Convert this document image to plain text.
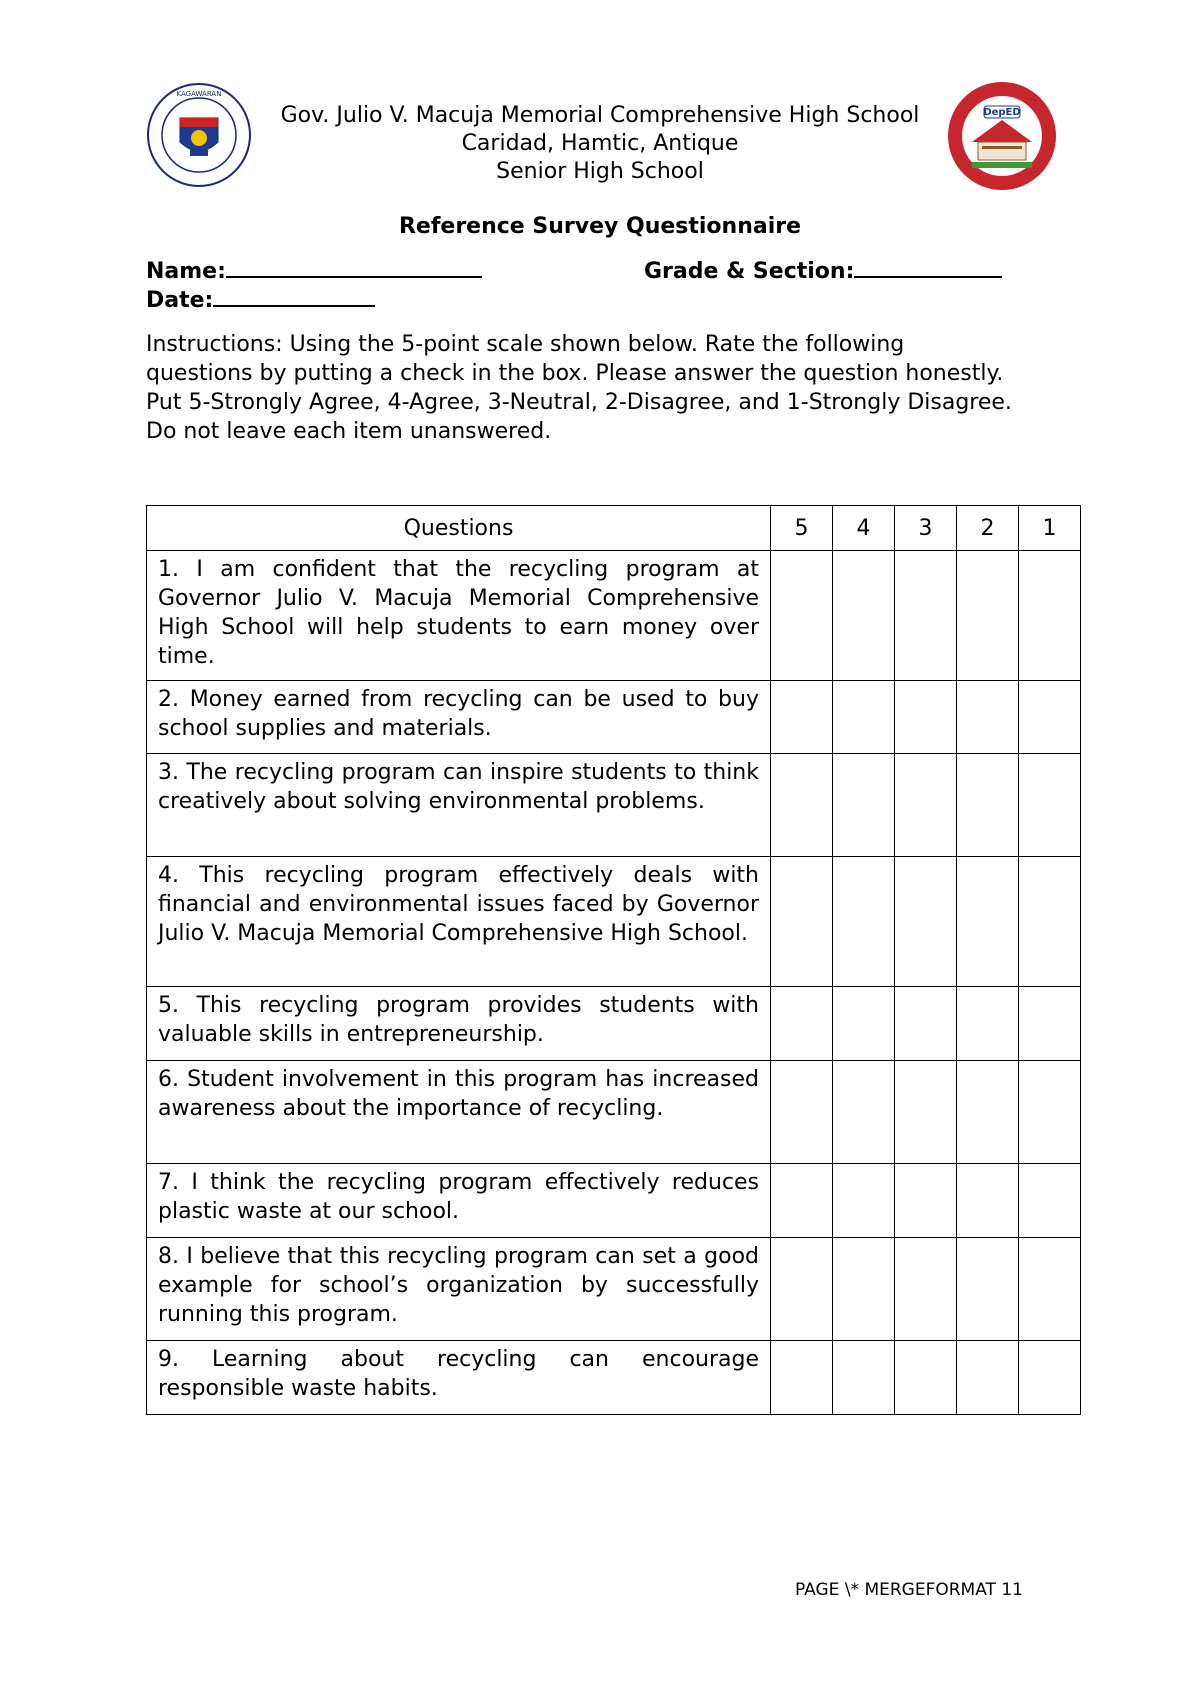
KAGAWARAN
DepED
Gov. Julio V. Macuja Memorial Comprehensive High School
Caridad, Hamtic, Antique
Senior High School
Reference Survey Questionnaire
Name:	Grade & Section:
Date:
Instructions: Using the 5-point scale shown below. Rate the following questions by putting a check in the box. Please answer the question honestly. Put 5-Strongly Agree, 4-Agree, 3-Neutral, 2-Disagree, and 1-Strongly Disagree. Do not leave each item unanswered.
Questions	5	4	3	2	1
1. I am confident that the recycling program at Governor Julio V. Macuja Memorial Comprehensive High School will help students to earn money over time.					
2. Money earned from recycling can be used to buy school supplies and materials.					
3. The recycling program can inspire students to think creatively about solving environmental problems.					
4. This recycling program effectively deals with financial and environmental issues faced by Governor Julio V. Macuja Memorial Comprehensive High School.					
5. This recycling program provides students with valuable skills in entrepreneurship.					
6. Student involvement in this program has increased awareness about the importance of recycling.					
7. I think the recycling program effectively reduces plastic waste at our school.					
8. I believe that this recycling program can set a good example for school’s organization by successfully running this program.					
9. Learning about recycling can encourage responsible waste habits.					
PAGE \* MERGEFORMAT 11
